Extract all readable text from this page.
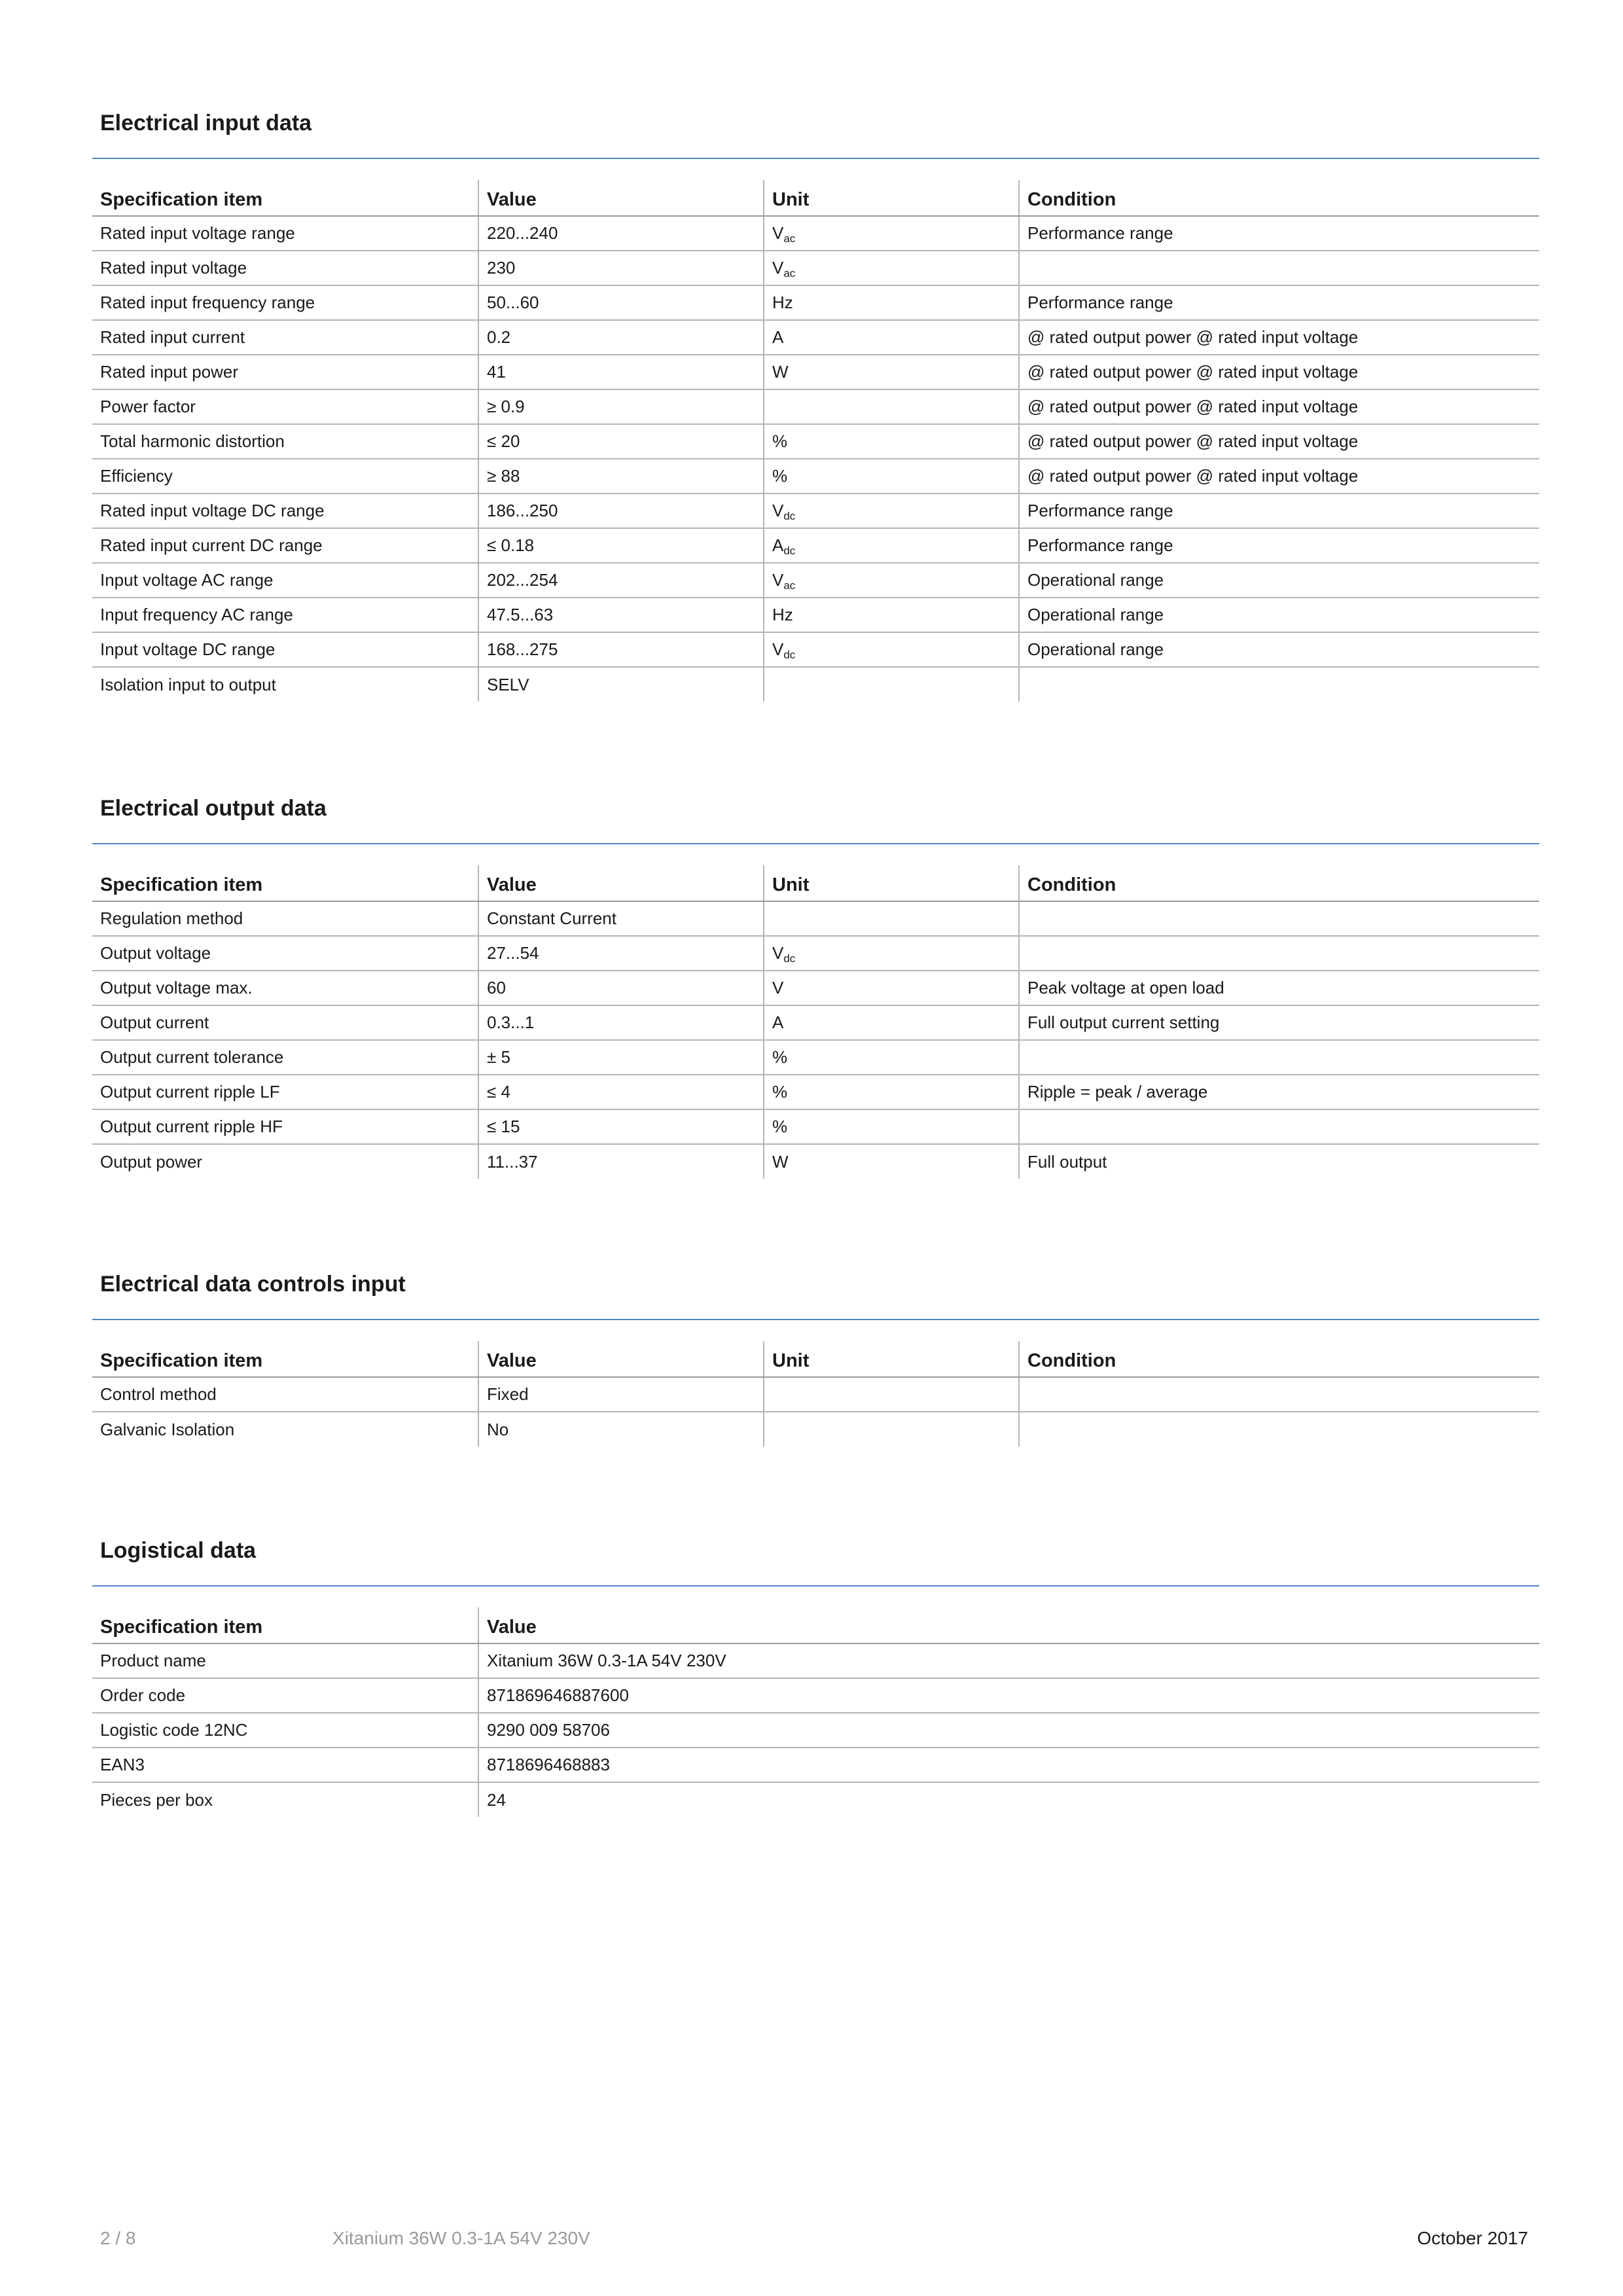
Electrical input data
Specification item	Value	Unit	Condition
Rated input voltage range	220...240	$V_{ac}$	Performance range
Rated input voltage	230	$V_{ac}$	
Rated input frequency range	50...60	Hz	Performance range
Rated input current	0.2	A	@ rated output power @ rated input voltage
Rated input power	41	W	@ rated output power @ rated input voltage
Power factor	≥ 0.9		@ rated output power @ rated input voltage
Total harmonic distortion	≤ 20	%	@ rated output power @ rated input voltage
Efficiency	≥ 88	%	@ rated output power @ rated input voltage
Rated input voltage DC range	186...250	$V_{dc}$	Performance range
Rated input current DC range	≤ 0.18	$A_{dc}$	Performance range
Input voltage AC range	202...254	$V_{ac}$	Operational range
Input frequency AC range	47.5...63	Hz	Operational range
Input voltage DC range	168...275	$V_{dc}$	Operational range
Isolation input to output	SELV		
Electrical output data
Specification item	Value	Unit	Condition
Regulation method	Constant Current		
Output voltage	27...54	$V_{dc}$	
Output voltage max.	60	V	Peak voltage at open load
Output current	0.3...1	A	Full output current setting
Output current tolerance	± 5	%	
Output current ripple LF	≤ 4	%	Ripple = peak / average
Output current ripple HF	≤ 15	%	
Output power	11...37	W	Full output
Electrical data controls input
Specification item	Value	Unit	Condition
Control method	Fixed		
Galvanic Isolation	No		
Logistical data
Specification item	Value
Product name	Xitanium 36W 0.3-1A 54V 230V
Order code	871869646887600
Logistic code 12NC	9290 009 58706
EAN3	8718696468883
Pieces per box	24
2 / 8	Xitanium 36W 0.3-1A 54V 230V	October 2017
